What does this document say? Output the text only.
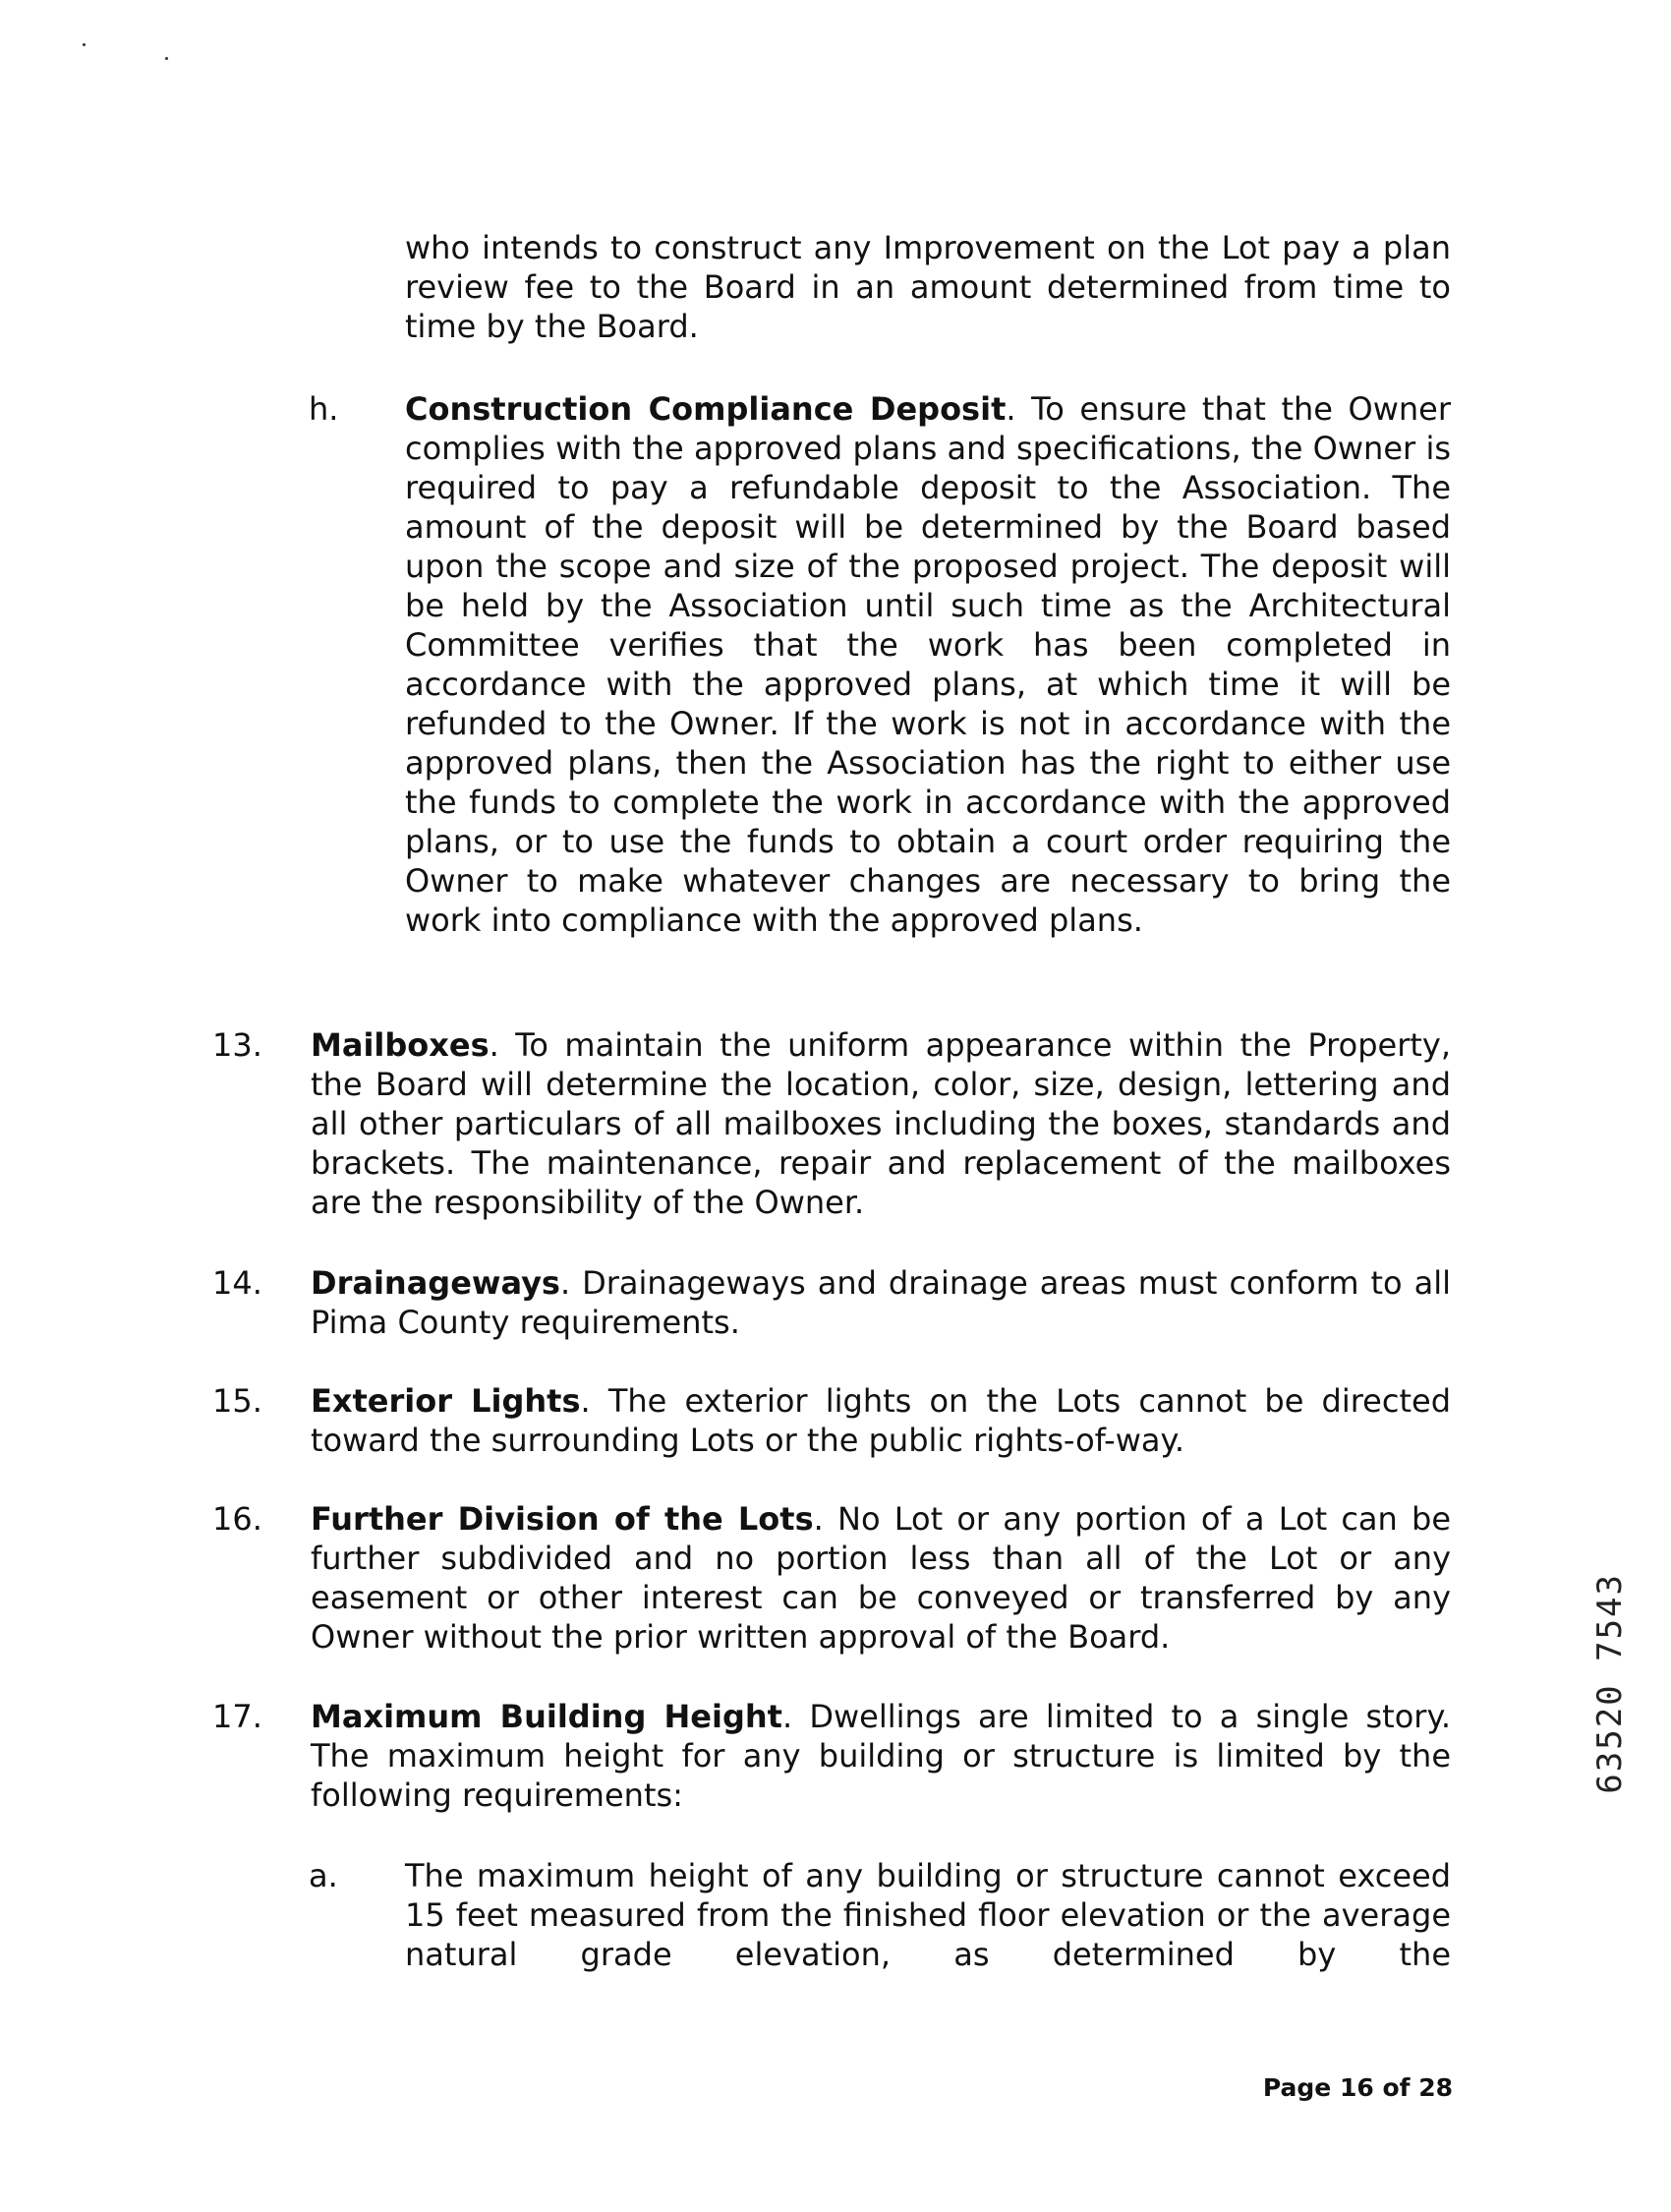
who intends to construct any Improvement on the Lot pay a plan review fee to the Board in an amount determined from time to time by the Board.

h. Construction Compliance Deposit. To ensure that the Owner complies with the approved plans and specifications, the Owner is required to pay a refundable deposit to the Association. The amount of the deposit will be determined by the Board based upon the scope and size of the proposed project. The deposit will be held by the Association until such time as the Architectural Committee verifies that the work has been completed in accordance with the approved plans, at which time it will be refunded to the Owner. If the work is not in accordance with the approved plans, then the Association has the right to either use the funds to complete the work in accordance with the approved plans, or to use the funds to obtain a court order requiring the Owner to make whatever changes are necessary to bring the work into compliance with the approved plans.

13. Mailboxes. To maintain the uniform appearance within the Property, the Board will determine the location, color, size, design, lettering and all other particulars of all mailboxes including the boxes, standards and brackets. The maintenance, repair and replacement of the mailboxes are the responsibility of the Owner.

14. Drainageways. Drainageways and drainage areas must conform to all Pima County requirements.

15. Exterior Lights. The exterior lights on the Lots cannot be directed toward the surrounding Lots or the public rights-of-way.

16. Further Division of the Lots. No Lot or any portion of a Lot can be further subdivided and no portion less than all of the Lot or any easement or other interest can be conveyed or transferred by any Owner without the prior written approval of the Board.

17. Maximum Building Height. Dwellings are limited to a single story. The maximum height for any building or structure is limited by the following requirements:

a. The maximum height of any building or structure cannot exceed 15 feet measured from the finished floor elevation or the average natural grade elevation, as determined by the

63520 7543
Page 16 of 28
